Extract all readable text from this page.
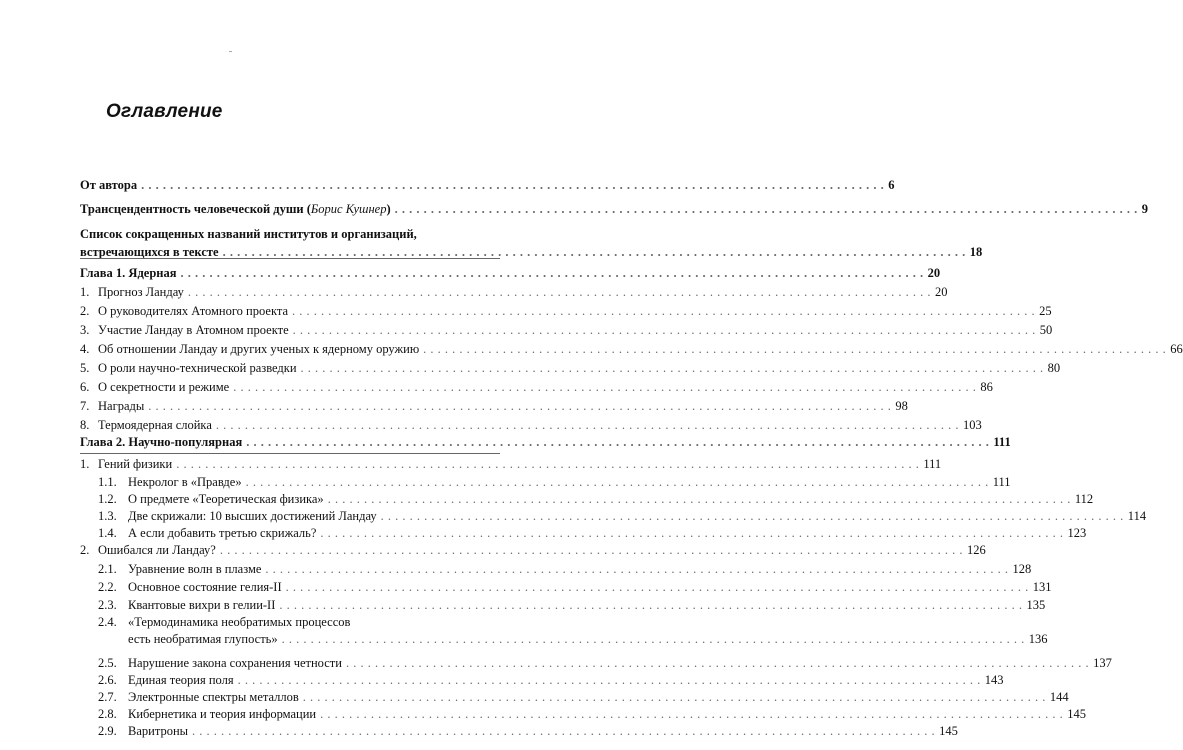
Оглавление
От автора . . .	6
Трансцендентность человеческой души (Борис Кушнер) . . .	9
Список сокращенных названий институтов и организаций,
встречающихся в тексте . . .	18
Глава 1. Ядерная . . .	20
1. Прогноз Ландау . . .	20
2. О руководителях Атомного проекта . . .	25
3. Участие Ландау в Атомном проекте . . .	50
4. Об отношении Ландау и других ученых к ядерному оружию . . .	66
5. О роли научно-технической разведки . . .	80
6. О секретности и режиме . . .	86
7. Награды . . .	98
8. Термоядерная слойка . . .	103
Глава 2. Научно-популярная . . .	111
1. Гений физики . . .	111
1.1. Некролог в «Правде» . . .	111
1.2. О предмете «Теоретическая физика» . . .	112
1.3. Две скрижали: 10 высших достижений Ландау . . .	114
1.4. А если добавить третью скрижаль? . . .	123
2. Ошибался ли Ландау? . . .	126
2.1. Уравнение волн в плазме . . .	128
2.2. Основное состояние гелия-II . . .	131
2.3. Квантовые вихри в гелии-II . . .	135
2.4. «Термодинамика необратимых процессов
есть необратимая глупость» . . .	136
2.5. Нарушение закона сохранения четности . . .	137
2.6. Единая теория поля . . .	143
2.7. Электронные спектры металлов . . .	144
2.8. Кибернетика и теория информации . . .	145
2.9. Варитроны . . .	145
